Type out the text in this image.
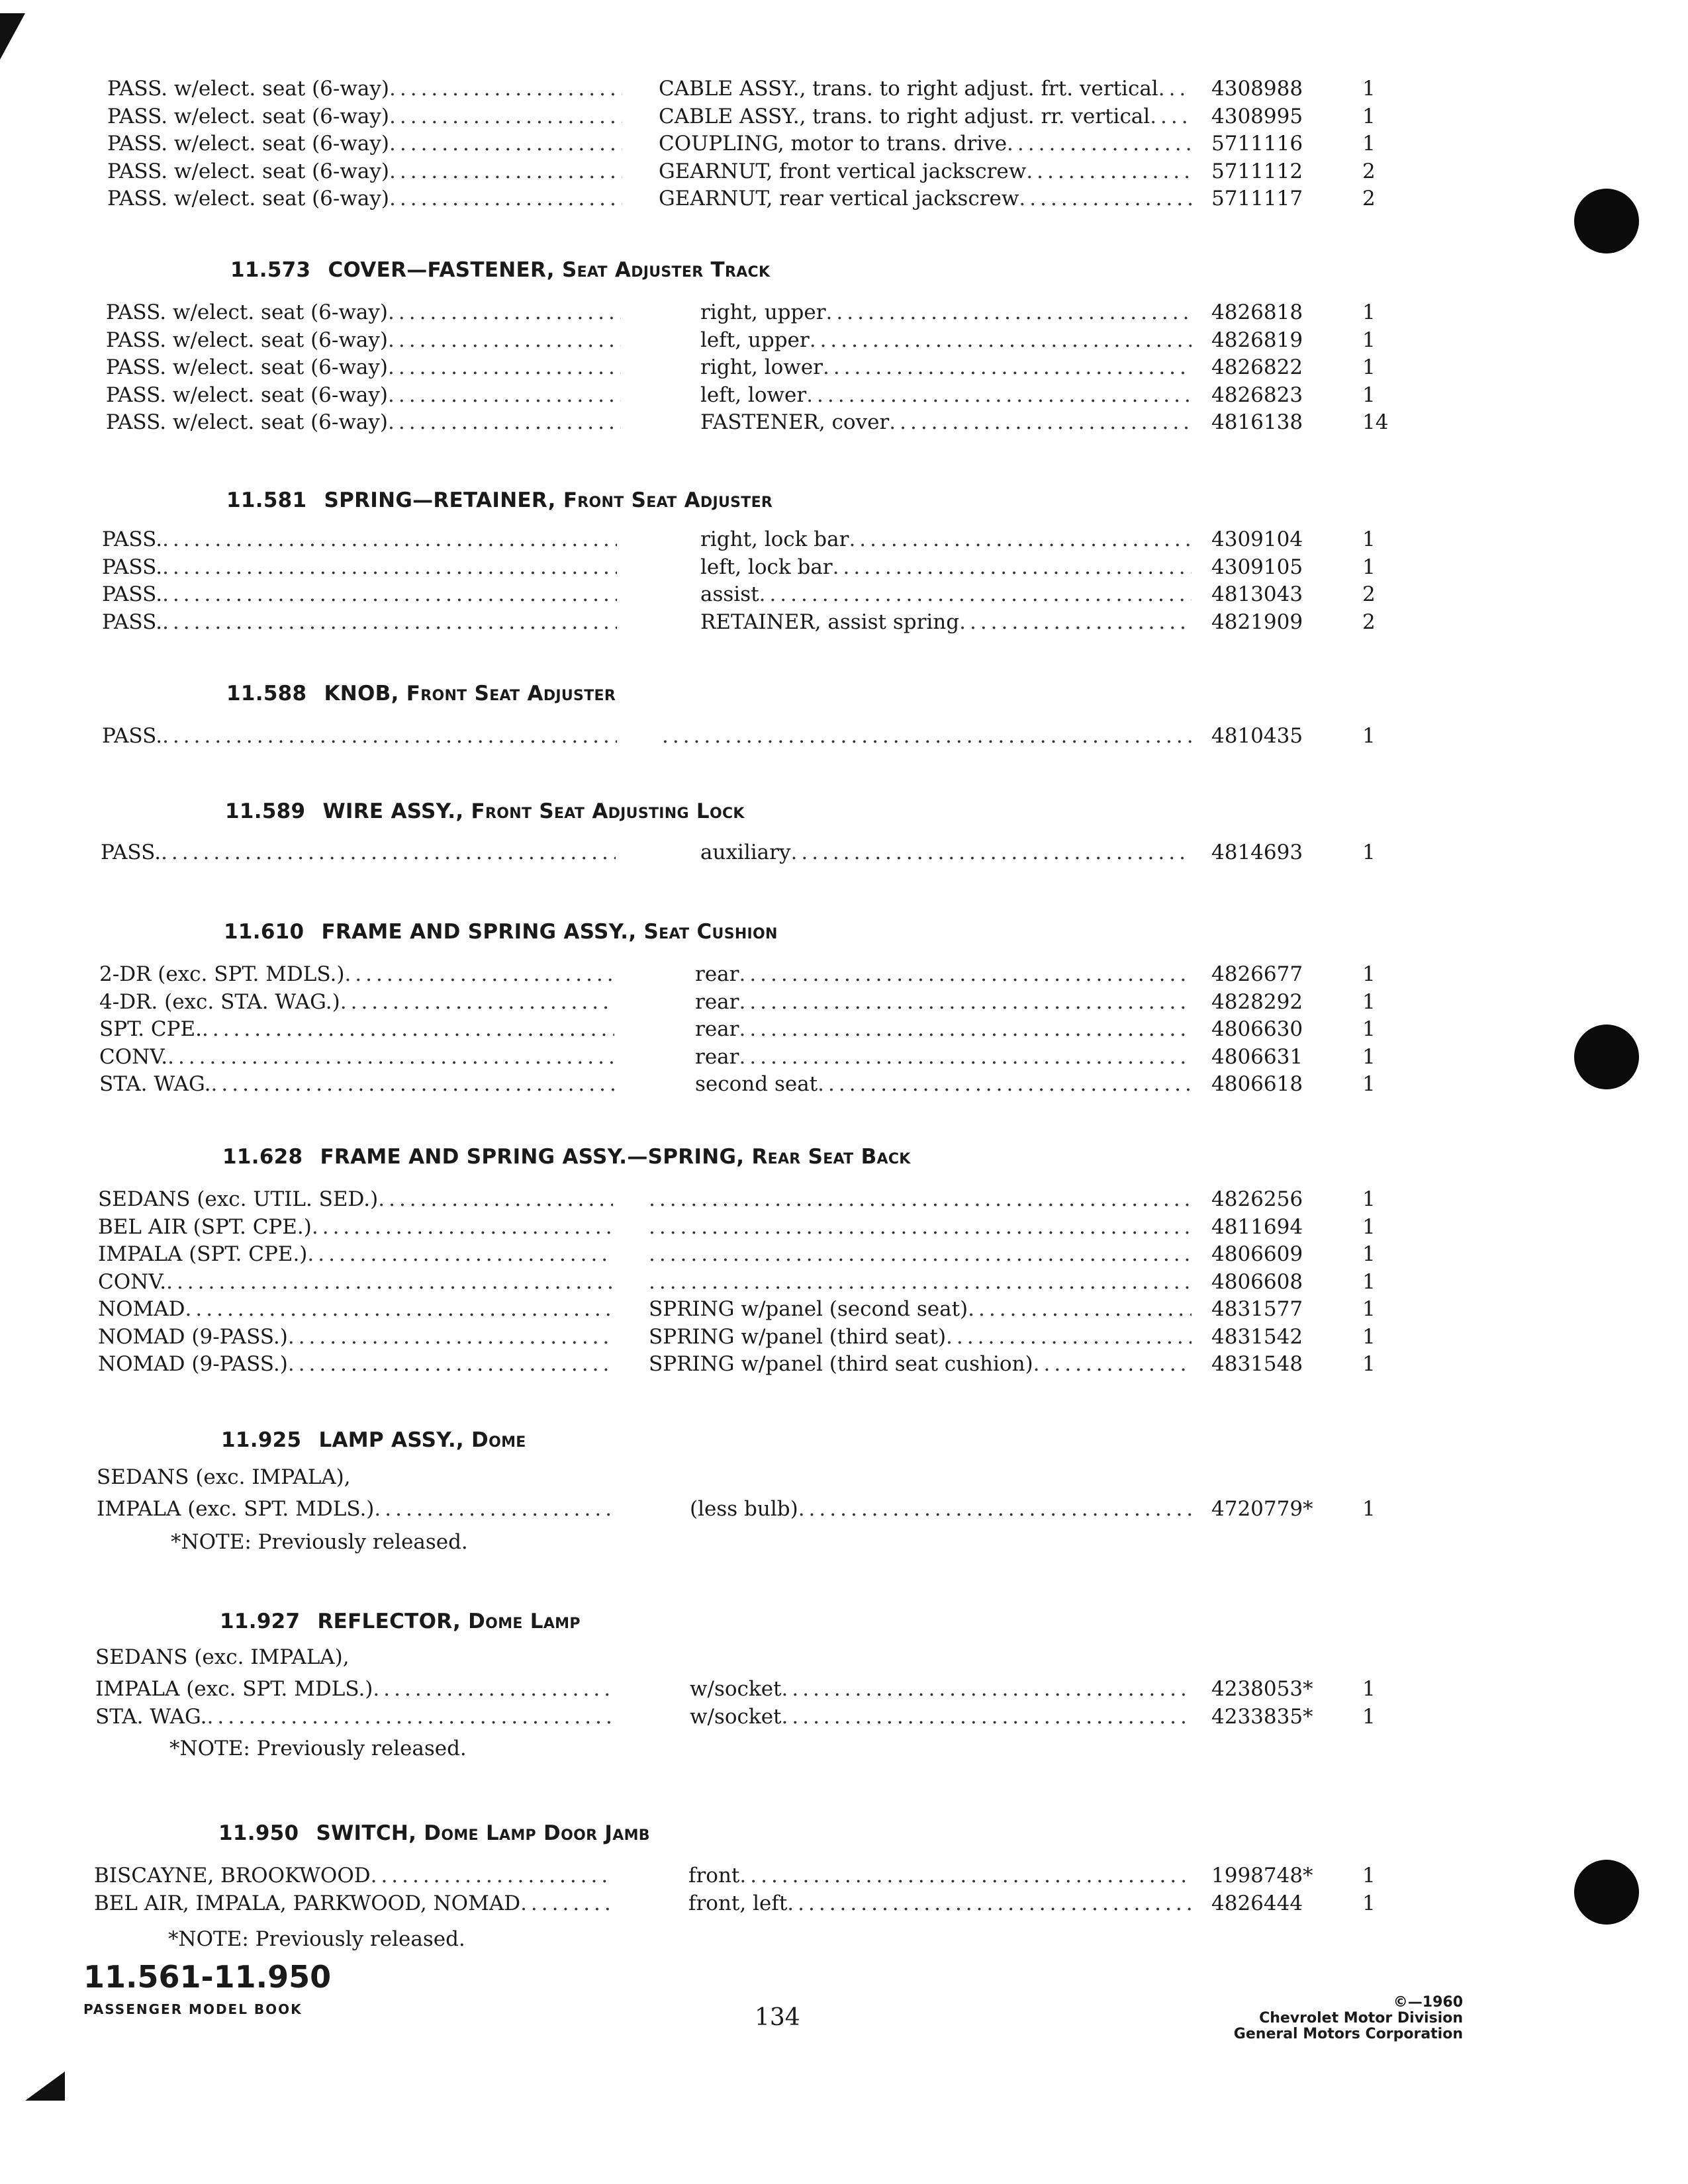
PASS. w/elect. seat (6-way) .....	CABLE ASSY., trans. to right adjust. frt. vertical .....	4308988	1
PASS. w/elect. seat (6-way) .....	CABLE ASSY., trans. to right adjust. rr. vertical .....	4308995	1
PASS. w/elect. seat (6-way) .....	COUPLING, motor to trans. drive .....	5711116	1
PASS. w/elect. seat (6-way) .....	GEARNUT, front vertical jackscrew .....	5711112	2
PASS. w/elect. seat (6-way) .....	GEARNUT, rear vertical jackscrew .....	5711117	2
11.573 COVER—FASTENER, Seat Adjuster Track
PASS. w/elect. seat (6-way) .....	right, upper .....	4826818	1
PASS. w/elect. seat (6-way) .....	left, upper .....	4826819	1
PASS. w/elect. seat (6-way) .....	right, lower .....	4826822	1
PASS. w/elect. seat (6-way) .....	left, lower .....	4826823	1
PASS. w/elect. seat (6-way) .....	FASTENER, cover .....	4816138	14
11.581 SPRING—RETAINER, Front Seat Adjuster
PASS. .....	right, lock bar .....	4309104	1
PASS. .....	left, lock bar .....	4309105	1
PASS. .....	assist .....	4813043	2
PASS. .....	RETAINER, assist spring .....	4821909	2
11.588 KNOB, Front Seat Adjuster
PASS. ..... .....	4810435	1
11.589 WIRE ASSY., Front Seat Adjusting Lock
PASS. .....	auxiliary .....	4814693	1
11.610 FRAME AND SPRING ASSY., Seat Cushion
2-DR (exc. SPT. MDLS.) .....	rear .....	4826677	1
4-DR. (exc. STA. WAG.) .....	rear .....	4828292	1
SPT. CPE. .....	rear .....	4806630	1
CONV. .....	rear .....	4806631	1
STA. WAG. .....	second seat .....	4806618	1
11.628 FRAME AND SPRING ASSY.—SPRING, Rear Seat Back
SEDANS (exc. UTIL. SED.) ..... .....	4826256	1
BEL AIR (SPT. CPE.) ..... .....	4811694	1
IMPALA (SPT. CPE.) ..... .....	4806609	1
CONV. ..... .....	4806608	1
NOMAD .....	SPRING w/panel (second seat) .....	4831577	1
NOMAD (9-PASS.) .....	SPRING w/panel (third seat) .....	4831542	1
NOMAD (9-PASS.) .....	SPRING w/panel (third seat cushion) .....	4831548	1
11.925 LAMP ASSY., Dome
SEDANS (exc. IMPALA),
IMPALA (exc. SPT. MDLS.) .....	(less bulb) .....	4720779* 1
*NOTE: Previously released.
11.927 REFLECTOR, Dome Lamp
SEDANS (exc. IMPALA),
IMPALA (exc. SPT. MDLS.) .....	w/socket .....	4238053* 1
STA. WAG. .....	w/socket .....	4233835* 1
*NOTE: Previously released.
11.950 SWITCH, Dome Lamp Door Jamb
BISCAYNE, BROOKWOOD .....	front .....	1998748* 1
BEL AIR, IMPALA, PARKWOOD, NOMAD .....	front, left .....	4826444	1
*NOTE: Previously released.
11.561-11.950
PASSENGER MODEL BOOK	134
©—1960
Chevrolet Motor Division
General Motors Corporation
